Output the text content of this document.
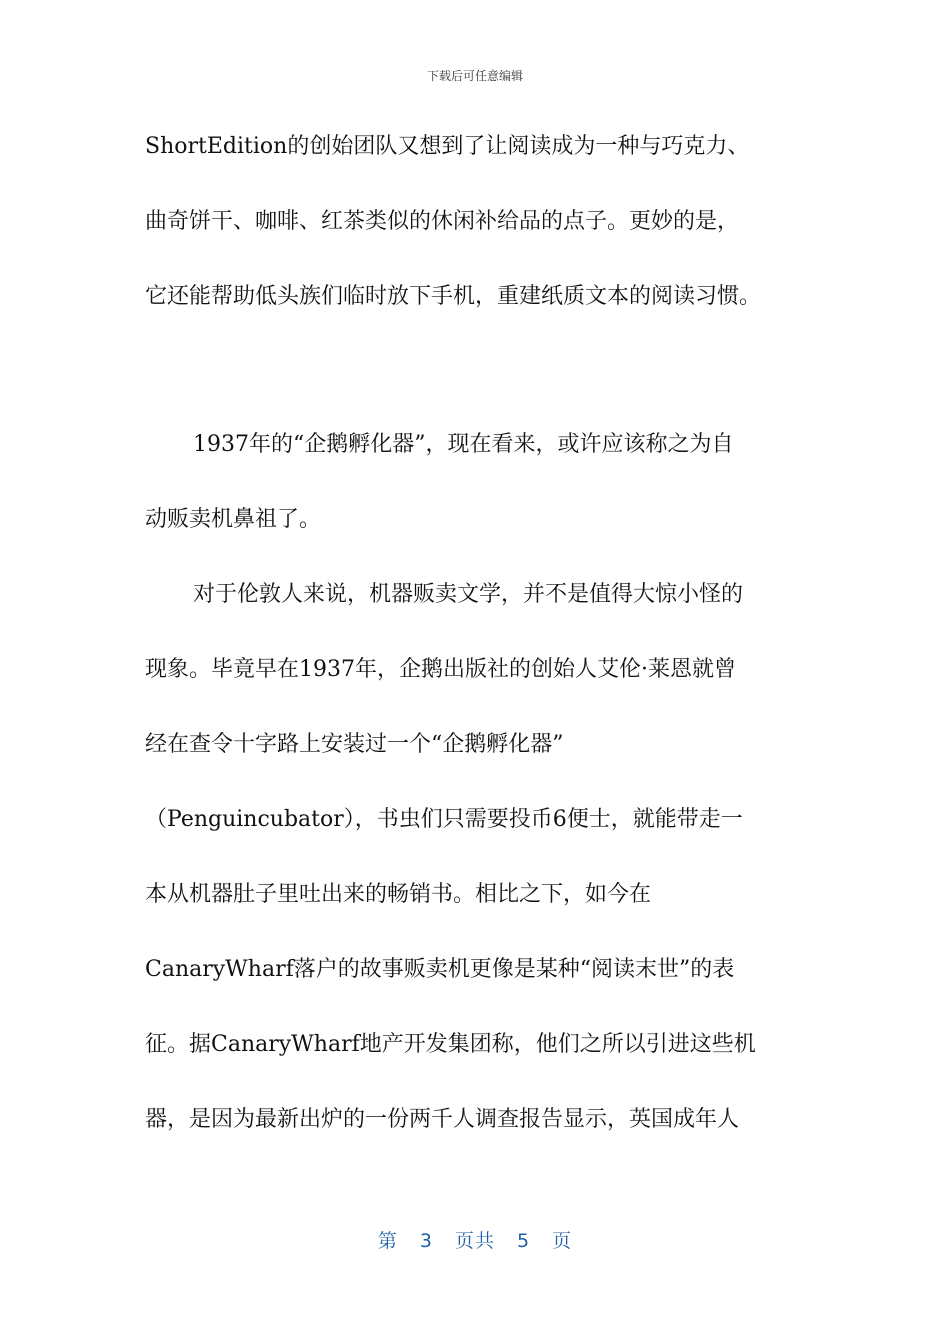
下载后可任意编辑
ShortEdition的创始团队又想到了让阅读成为一种与巧克力、
曲奇饼干、咖啡、红茶类似的休闲补给品的点子。更妙的是，
它还能帮助低头族们临时放下手机，重建纸质文本的阅读习惯。
1937年的“企鹅孵化器”，现在看来，或许应该称之为自
动贩卖机鼻祖了。
对于伦敦人来说，机器贩卖文学，并不是值得大惊小怪的
现象。毕竟早在1937年，企鹅出版社的创始人艾伦·莱恩就曾
经在查令十字路上安装过一个“企鹅孵化器”
（Penguincubator），书虫们只需要投币6便士，就能带走一
本从机器肚子里吐出来的畅销书。相比之下，如今在
CanaryWharf落户的故事贩卖机更像是某种“阅读末世”的表
征。据CanaryWharf地产开发集团称，他们之所以引进这些机
器，是因为最新出炉的一份两千人调查报告显示，英国成年人
第 3 页共 5 页
